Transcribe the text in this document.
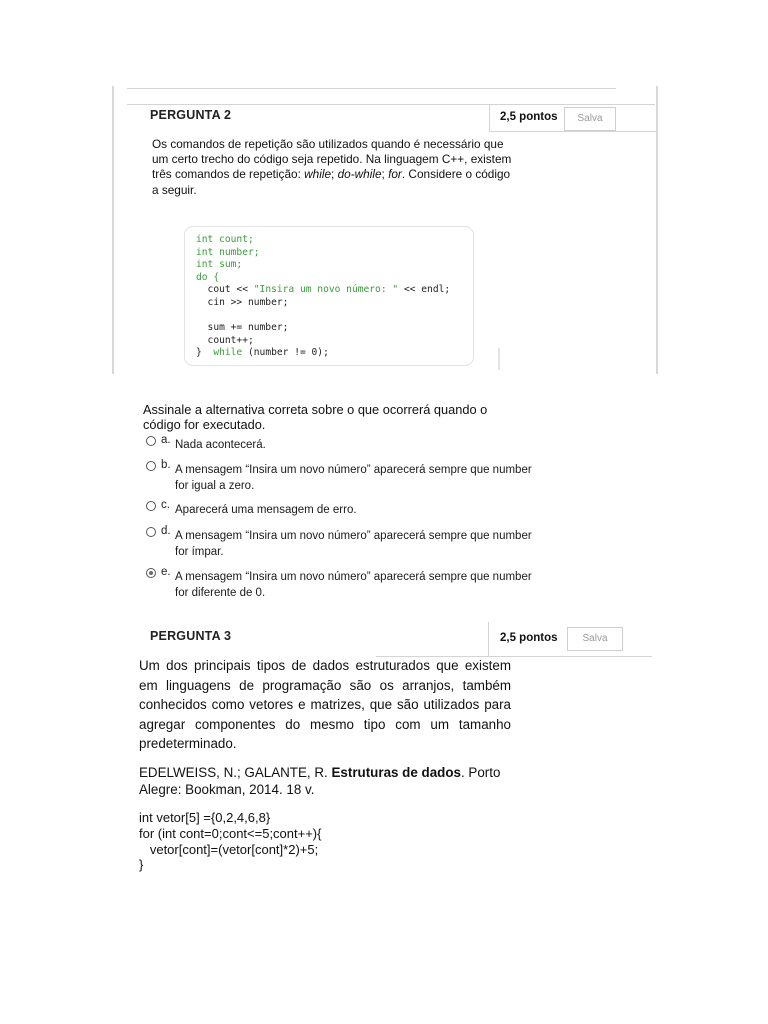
PERGUNTA 2	2,5 pontos	Salva
Os comandos de repetição são utilizados quando é necessário que um certo trecho do código seja repetido. Na linguagem C++, existem três comandos de repetição: while; do-while; for. Considere o código a seguir.
int count;
int number;
int sum;
do {
cout << "Insira um novo número: " << endl;
cin >> number;

sum += number;
count++;
}  while (number != 0);
Assinale a alternativa correta sobre o que ocorrerá quando o código for executado.
a. Nada acontecerá.
b. A mensagem “Insira um novo número” aparecerá sempre que number for igual a zero.
c. Aparecerá uma mensagem de erro.
d. A mensagem “Insira um novo número” aparecerá sempre que number for ímpar.
e. A mensagem “Insira um novo número” aparecerá sempre que number for diferente de 0.
PERGUNTA 3	2,5 pontos	Salva
Um dos principais tipos de dados estruturados que existem em linguagens de programação são os arranjos, também conhecidos como vetores e matrizes, que são utilizados para agregar componentes do mesmo tipo com um tamanho predeterminado.
EDELWEISS, N.; GALANTE, R. Estruturas de dados. Porto Alegre: Bookman, 2014. 18 v.
int vetor[5] ={0,2,4,6,8}
for (int cont=0;cont<=5;cont++){
vetor[cont]=(vetor[cont]*2)+5;
}
